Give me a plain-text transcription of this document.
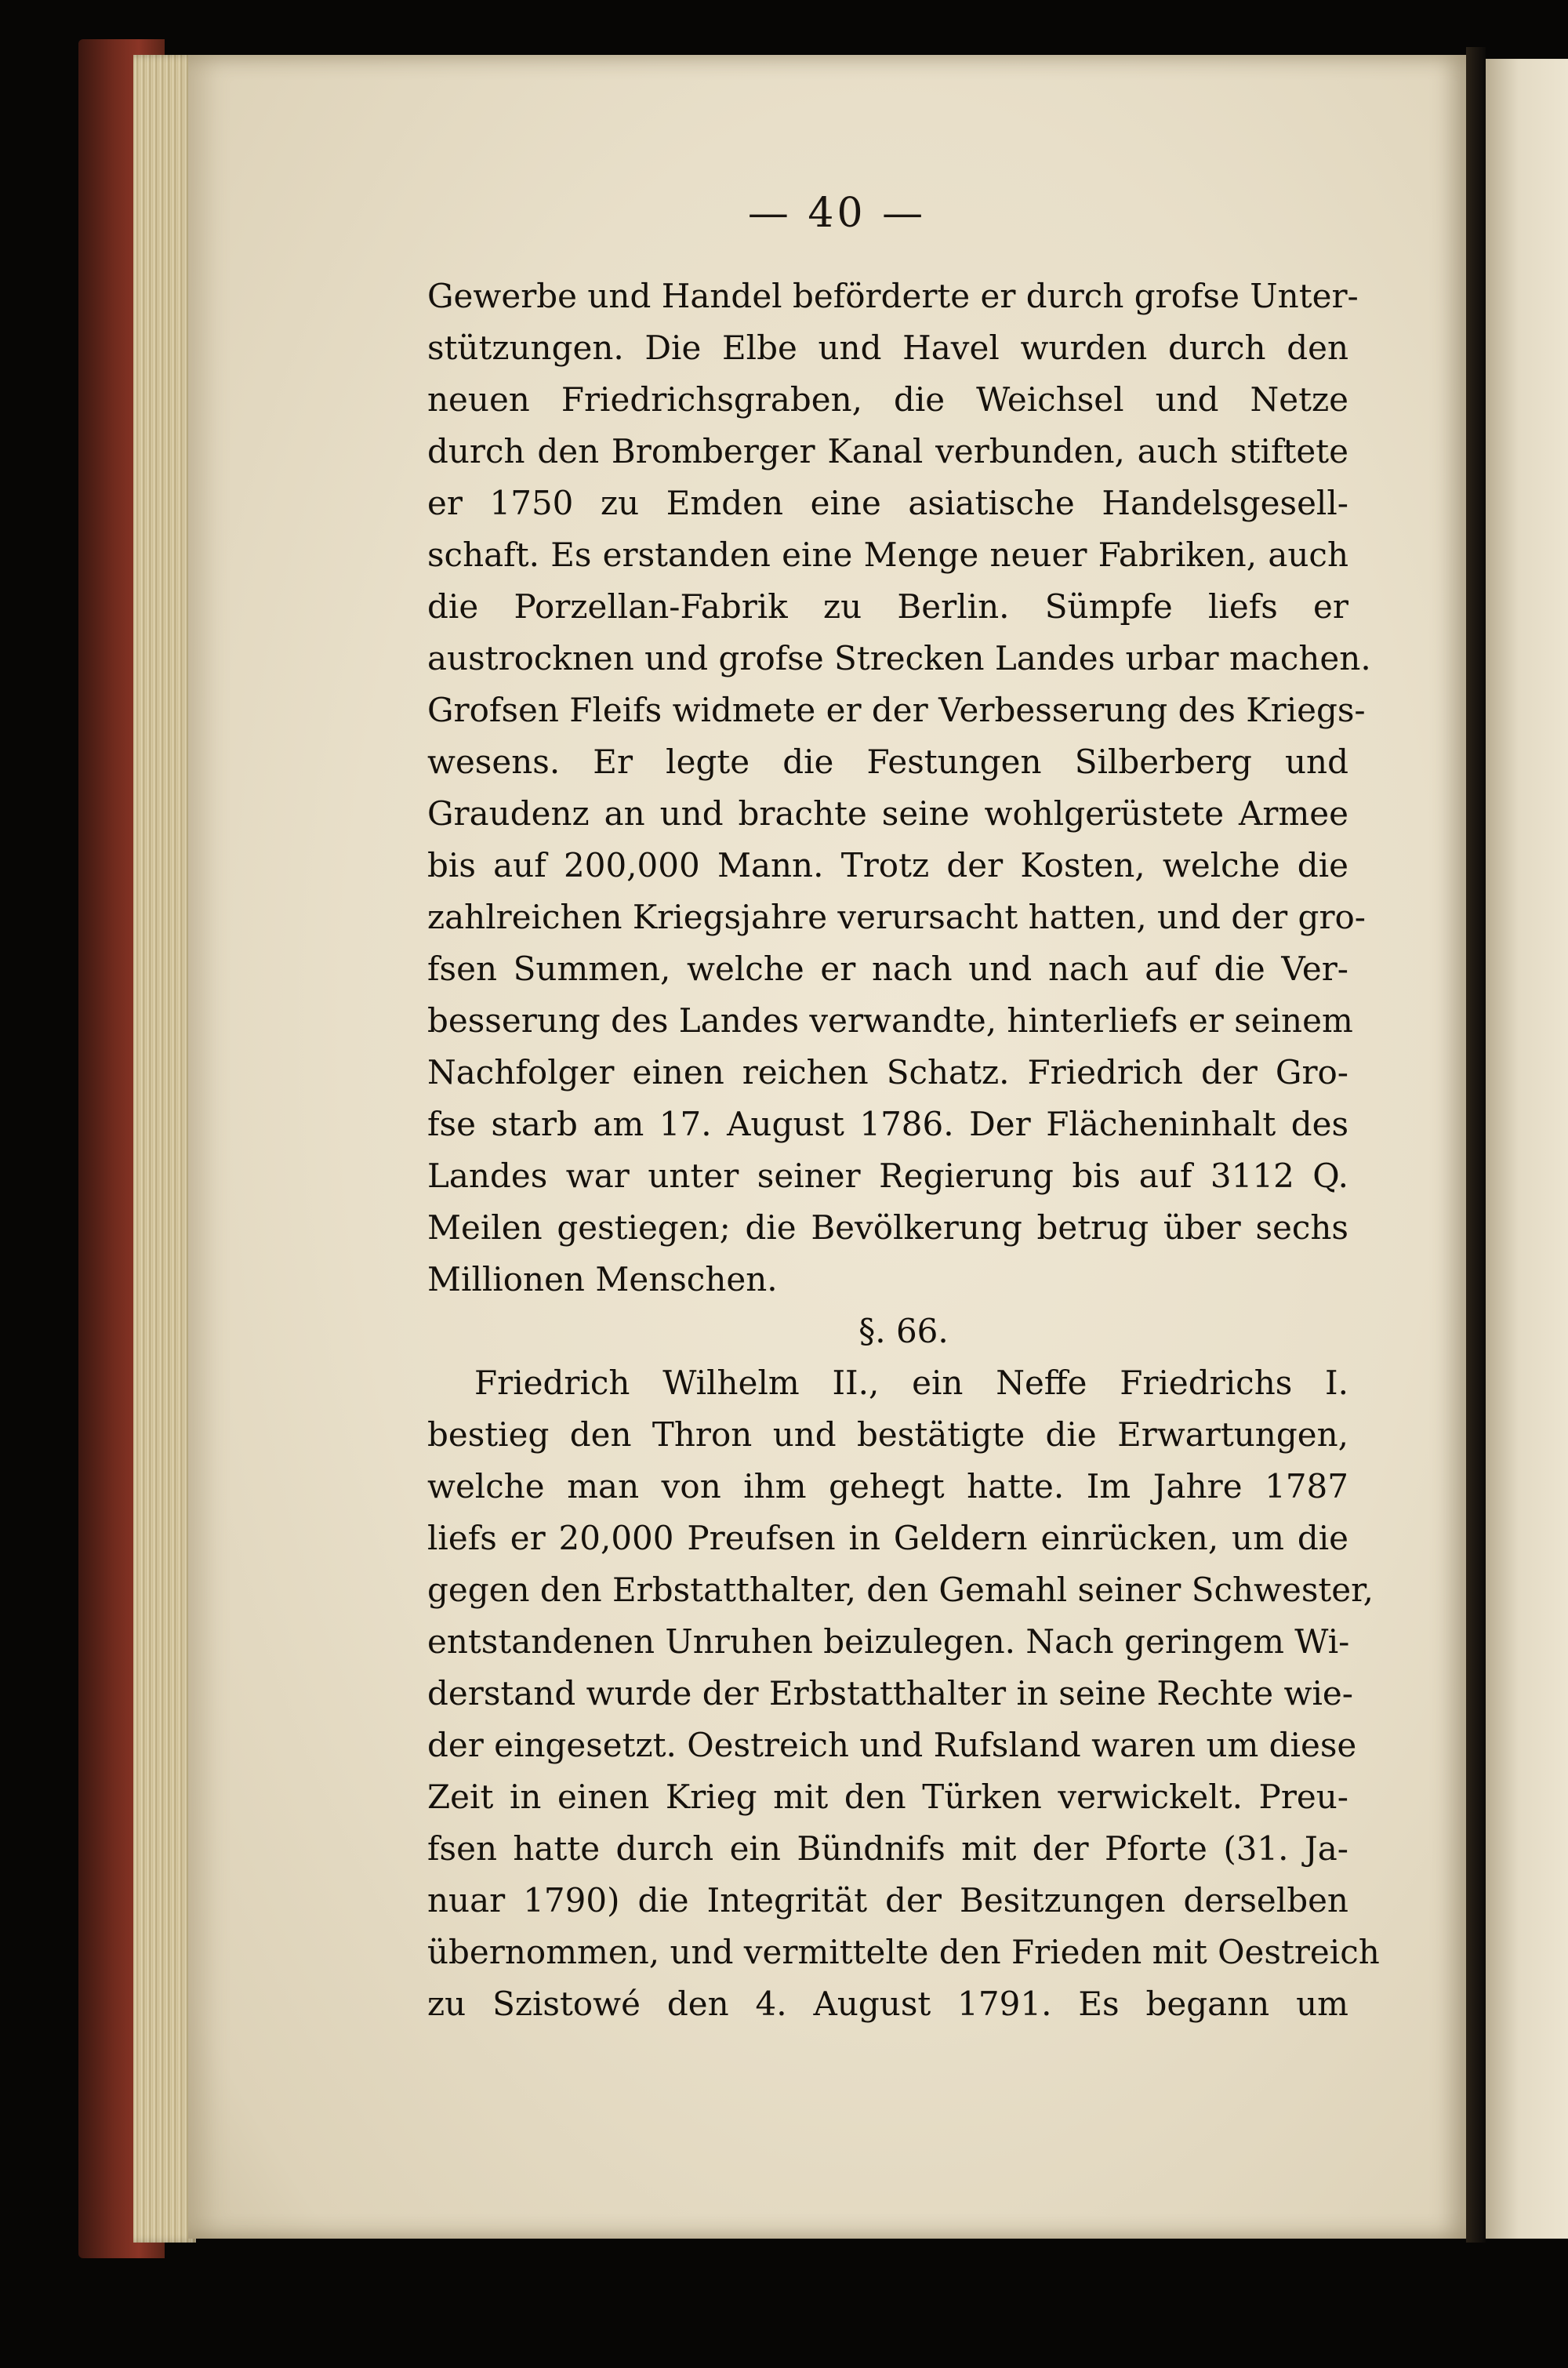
— 40 —
Gewerbe und Handel beförderte er durch grofse Unter-
stützungen. Die Elbe und Havel wurden durch den
neuen Friedrichsgraben, die Weichsel und Netze
durch den Bromberger Kanal verbunden, auch stiftete
er 1750 zu Emden eine asiatische Handelsgesell-
schaft. Es erstanden eine Menge neuer Fabriken, auch
die Porzellan-Fabrik zu Berlin. Sümpfe liefs er
austrocknen und grofse Strecken Landes urbar machen.
Grofsen Fleifs widmete er der Verbesserung des Kriegs-
wesens. Er legte die Festungen Silberberg und
Graudenz an und brachte seine wohlgerüstete Armee
bis auf 200,000 Mann. Trotz der Kosten, welche die
zahlreichen Kriegsjahre verursacht hatten, und der gro-
fsen Summen, welche er nach und nach auf die Ver-
besserung des Landes verwandte, hinterliefs er seinem
Nachfolger einen reichen Schatz. Friedrich der Gro-
fse starb am 17. August 1786. Der Flächeninhalt des
Landes war unter seiner Regierung bis auf 3112 Q.
Meilen gestiegen; die Bevölkerung betrug über sechs
Millionen Menschen.
§. 66.
Friedrich Wilhelm II., ein Neffe Friedrichs I.
bestieg den Thron und bestätigte die Erwartungen,
welche man von ihm gehegt hatte. Im Jahre 1787
liefs er 20,000 Preufsen in Geldern einrücken, um die
gegen den Erbstatthalter, den Gemahl seiner Schwester,
entstandenen Unruhen beizulegen. Nach geringem Wi-
derstand wurde der Erbstatthalter in seine Rechte wie-
der eingesetzt. Oestreich und Rufsland waren um diese
Zeit in einen Krieg mit den Türken verwickelt. Preu-
fsen hatte durch ein Bündnifs mit der Pforte (31. Ja-
nuar 1790) die Integrität der Besitzungen derselben
übernommen, und vermittelte den Frieden mit Oestreich
zu Szistowé den 4. August 1791. Es begann um
